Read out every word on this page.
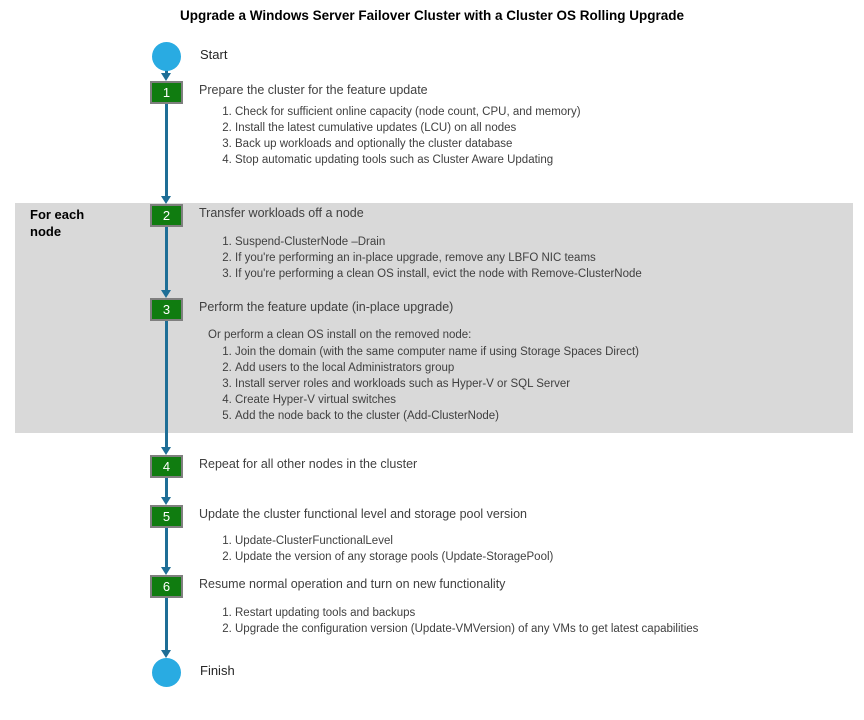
Upgrade a Windows Server Failover Cluster with a Cluster OS Rolling Upgrade
For each node
Start
1	Prepare the cluster for the feature update
1. Check for sufficient online capacity (node count, CPU, and memory)
2. Install the latest cumulative updates (LCU) on all nodes
3. Back up workloads and optionally the cluster database
4. Stop automatic updating tools such as Cluster Aware Updating
2	Transfer workloads off a node
1. Suspend-ClusterNode –Drain
2. If you're performing an in-place upgrade, remove any LBFO NIC teams
3. If you're performing a clean OS install, evict the node with Remove-ClusterNode
3	Perform the feature update (in-place upgrade)
Or perform a clean OS install on the removed node:
1. Join the domain (with the same computer name if using Storage Spaces Direct)
2. Add users to the local Administrators group
3. Install server roles and workloads such as Hyper-V or SQL Server
4. Create Hyper-V virtual switches
5. Add the node back to the cluster (Add-ClusterNode)
4	Repeat for all other nodes in the cluster
5	Update the cluster functional level and storage pool version
1. Update-ClusterFunctionalLevel
2. Update the version of any storage pools (Update-StoragePool)
6	Resume normal operation and turn on new functionality
1. Restart updating tools and backups
2. Upgrade the configuration version (Update-VMVersion) of any VMs to get latest capabilities
Finish
